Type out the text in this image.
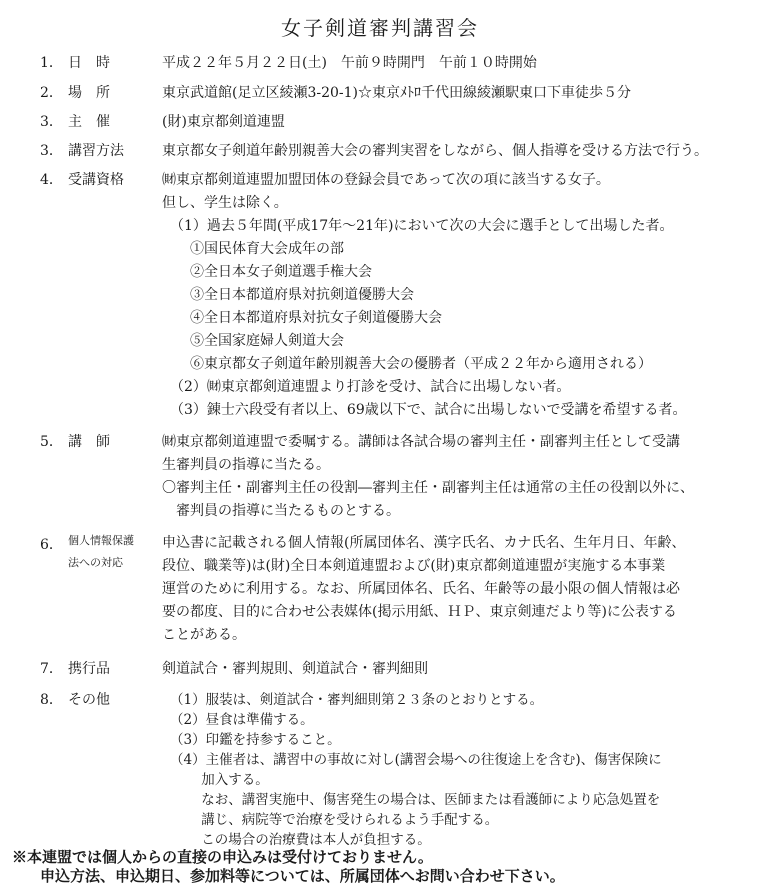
女子剣道審判講習会
1． 日　時	平成２２年５月２２日(土)　午前９時開門　午前１０時開始
2． 場　所	東京武道館(足立区綾瀬3-20-1)☆東京ﾒﾄﾛ千代田線綾瀬駅東口下車徒歩５分
3． 主　催	(財)東京都剣道連盟
3． 講習方法	東京都女子剣道年齢別親善大会の審判実習をしながら、個人指導を受ける方法で行う。
4． 受講資格	㈶東京都剣道連盟加盟団体の登録会員であって次の項に該当する女子。
但し、学生は除く。
（1）過去５年間(平成17年～21年)において次の大会に選手として出場した者。
①国民体育大会成年の部
②全日本女子剣道選手権大会
③全日本都道府県対抗剣道優勝大会
④全日本都道府県対抗女子剣道優勝大会
⑤全国家庭婦人剣道大会
⑥東京都女子剣道年齢別親善大会の優勝者（平成２２年から適用される）
（2）㈶東京都剣道連盟より打診を受け、試合に出場しない者。
（3）錬士六段受有者以上、69歳以下で、試合に出場しないで受講を希望する者。
5． 講　師	㈶東京都剣道連盟で委嘱する。講師は各試合場の審判主任・副審判主任として受講
生審判員の指導に当たる。
〇審判主任・副審判主任の役割―審判主任・副審判主任は通常の主任の役割以外に、
　審判員の指導に当たるものとする。
6． 個人情報保護
法への対応
申込書に記載される個人情報(所属団体名、漢字氏名、カナ氏名、生年月日、年齢、
段位、職業等)は(財)全日本剣道連盟および(財)東京都剣道連盟が実施する本事業
運営のために利用する。なお、所属団体名、氏名、年齢等の最小限の個人情報は必
要の都度、目的に合わせ公表媒体(掲示用紙、ＨＰ、東京剣連だより等)に公表する
ことがある。
7． 携行品	剣道試合・審判規則、剣道試合・審判細則
8． その他	（1）服装は、剣道試合・審判細則第２３条のとおりとする。
（2）昼食は準備する。
（3）印鑑を持参すること。
（4）主催者は、講習中の事故に対し(講習会場への往復途上を含む)、傷害保険に
　　 加入する。
　　 なお、講習実施中、傷害発生の場合は、医師または看護師により応急処置を
　　 講じ、病院等で治療を受けられるよう手配する。
　　 この場合の治療費は本人が負担する。
※本連盟では個人からの直接の申込みは受付けておりません。
申込方法、申込期日、参加料等については、所属団体へお問い合わせ下さい。
